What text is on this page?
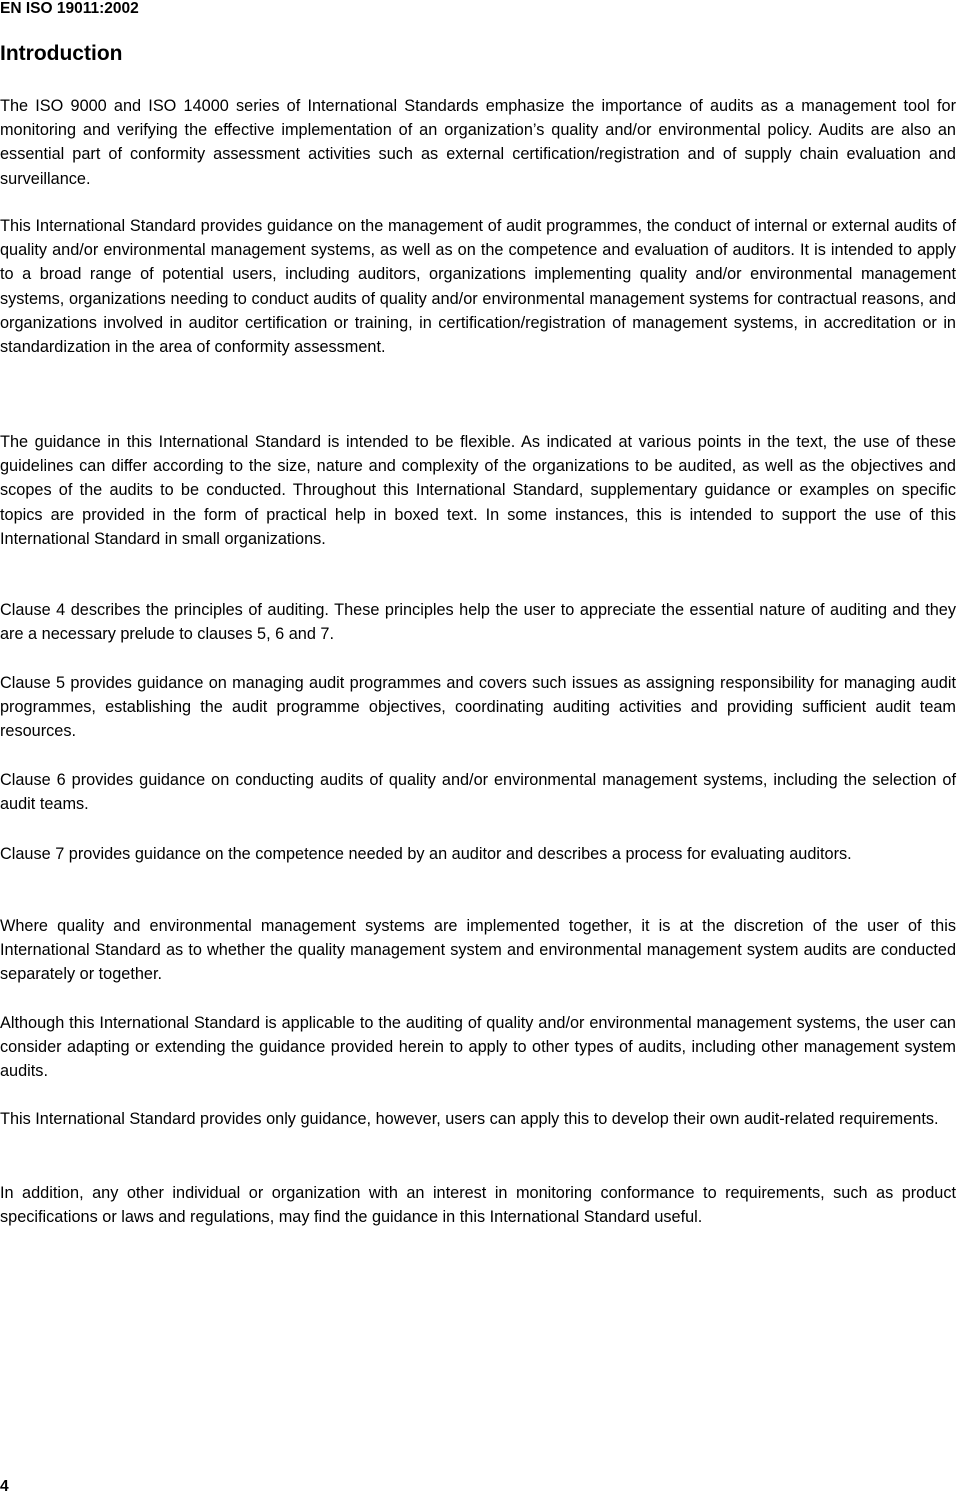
EN ISO 19011:2002
Introduction

The ISO 9000 and ISO 14000 series of International Standards emphasize the importance of audits as a management tool for monitoring and verifying the effective implementation of an organization’s quality and/or environmental policy. Audits are also an essential part of conformity assessment activities such as external certification/registration and of supply chain evaluation and surveillance.

This International Standard provides guidance on the management of audit programmes, the conduct of internal or external audits of quality and/or environmental management systems, as well as on the competence and evaluation of auditors. It is intended to apply to a broad range of potential users, including auditors, organizations implementing quality and/or environmental management systems, organizations needing to conduct audits of quality and/or environmental management systems for contractual reasons, and organizations involved in auditor certification or training, in certification/registration of management systems, in accreditation or in standardization in the area of conformity assessment.

The guidance in this International Standard is intended to be flexible. As indicated at various points in the text, the use of these guidelines can differ according to the size, nature and complexity of the organizations to be audited, as well as the objectives and scopes of the audits to be conducted. Throughout this International Standard, supplementary guidance or examples on specific topics are provided in the form of practical help in boxed text. In some instances, this is intended to support the use of this International Standard in small organizations.

Clause 4 describes the principles of auditing. These principles help the user to appreciate the essential nature of auditing and they are a necessary prelude to clauses 5, 6 and 7.

Clause 5 provides guidance on managing audit programmes and covers such issues as assigning responsibility for managing audit programmes, establishing the audit programme objectives, coordinating auditing activities and providing sufficient audit team resources.

Clause 6 provides guidance on conducting audits of quality and/or environmental management systems, including the selection of audit teams.

Clause 7 provides guidance on the competence needed by an auditor and describes a process for evaluating auditors.

Where quality and environmental management systems are implemented together, it is at the discretion of the user of this International Standard as to whether the quality management system and environmental management system audits are conducted separately or together.

Although this International Standard is applicable to the auditing of quality and/or environmental management systems, the user can consider adapting or extending the guidance provided herein to apply to other types of audits, including other management system audits.

This International Standard provides only guidance, however, users can apply this to develop their own audit-related requirements.

In addition, any other individual or organization with an interest in monitoring conformance to requirements, such as product specifications or laws and regulations, may find the guidance in this International Standard useful.

4
